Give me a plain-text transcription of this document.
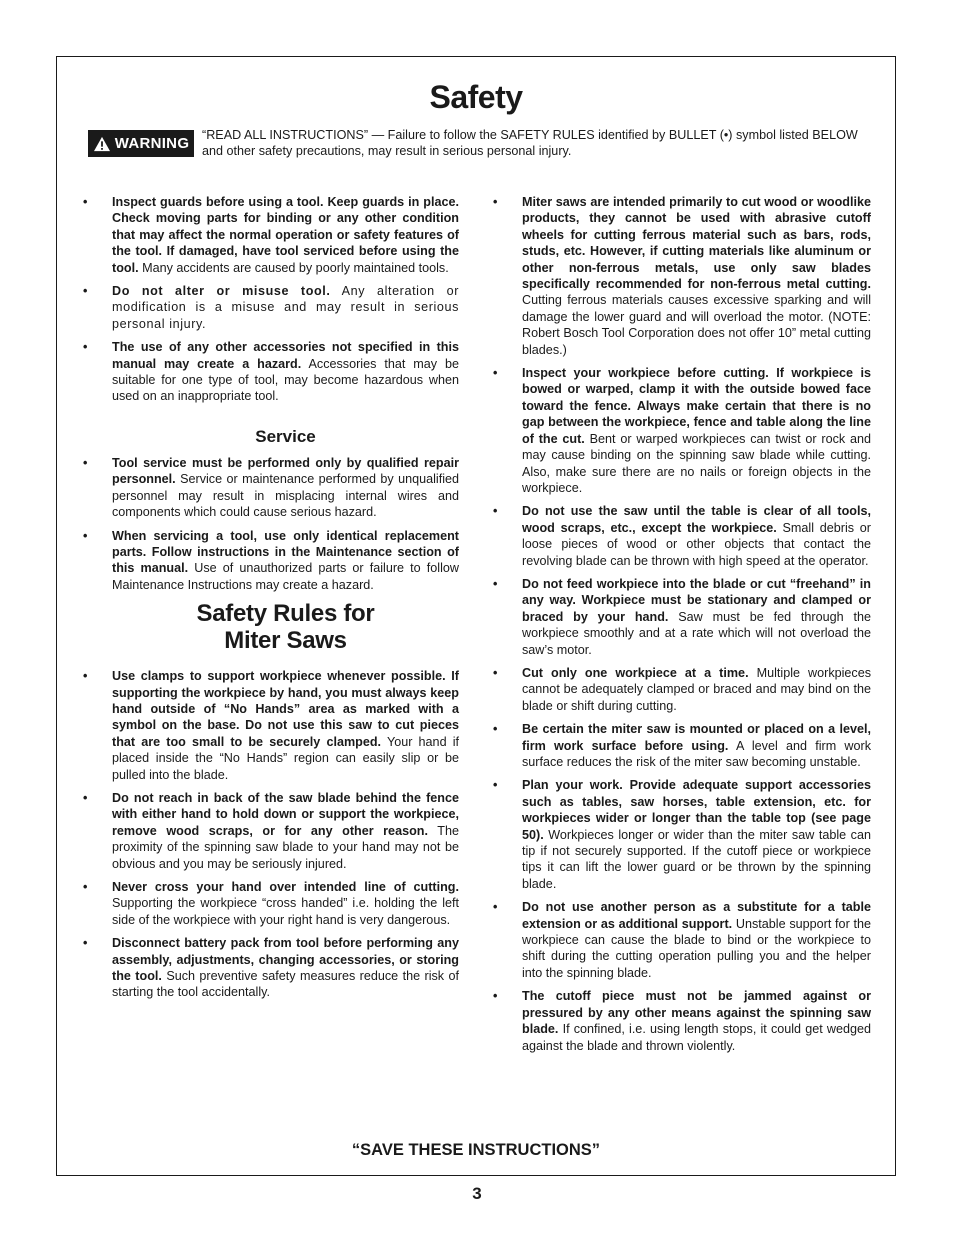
Safety
WARNING “READ ALL INSTRUCTIONS” — Failure to follow the SAFETY RULES identified by BULLET (•) symbol listed BELOW and other safety precautions, may result in serious personal injury.

• Inspect guards before using a tool. Keep guards in place. Check moving parts for binding or any other condition that may affect the normal operation or safety features of the tool. If damaged, have tool serviced before using the tool. Many accidents are caused by poorly maintained tools.

• Do not alter or misuse tool. Any alteration or modification is a misuse and may result in serious personal injury.

• The use of any other accessories not specified in this manual may create a hazard. Accessories that may be suitable for one type of tool, may become hazardous when used on an inappropriate tool.

Service

• Tool service must be performed only by qualified repair personnel. Service or maintenance performed by unqualified personnel may result in misplacing internal wires and components which could cause serious hazard.

• When servicing a tool, use only identical replacement parts. Follow instructions in the Maintenance section of this manual. Use of unauthorized parts or failure to follow Maintenance Instructions may create a hazard.

Safety Rules for
Miter Saws

• Use clamps to support workpiece whenever possible. If supporting the workpiece by hand, you must always keep hand outside of “No Hands” area as marked with a symbol on the base. Do not use this saw to cut pieces that are too small to be securely clamped. Your hand if placed inside the “No Hands” region can easily slip or be pulled into the blade.

• Do not reach in back of the saw blade behind the fence with either hand to hold down or support the workpiece, remove wood scraps, or for any other reason. The proximity of the spinning saw blade to your hand may not be obvious and you may be seriously injured.

• Never cross your hand over intended line of cutting. Supporting the workpiece “cross handed” i.e. holding the left side of the workpiece with your right hand is very dangerous.

• Disconnect battery pack from tool before performing any assembly, adjustments, changing accessories, or storing the tool. Such preventive safety measures reduce the risk of starting the tool accidentally.

• Miter saws are intended primarily to cut wood or woodlike products, they cannot be used with abrasive cutoff wheels for cutting ferrous material such as bars, rods, studs, etc. However, if cutting materials like aluminum or other non-ferrous metals, use only saw blades specifically recommended for non-ferrous metal cutting. Cutting ferrous materials causes excessive sparking and will damage the lower guard and will overload the motor. (NOTE: Robert Bosch Tool Corporation does not offer 10” metal cutting blades.)

• Inspect your workpiece before cutting. If workpiece is bowed or warped, clamp it with the outside bowed face toward the fence. Always make certain that there is no gap between the workpiece, fence and table along the line of the cut. Bent or warped workpieces can twist or rock and may cause binding on the spinning saw blade while cutting. Also, make sure there are no nails or foreign objects in the workpiece.

• Do not use the saw until the table is clear of all tools, wood scraps, etc., except the workpiece. Small debris or loose pieces of wood or other objects that contact the revolving blade can be thrown with high speed at the operator.

• Do not feed workpiece into the blade or cut “freehand” in any way. Workpiece must be stationary and clamped or braced by your hand. Saw must be fed through the workpiece smoothly and at a rate which will not overload the saw’s motor.

• Cut only one workpiece at a time. Multiple workpieces cannot be adequately clamped or braced and may bind on the blade or shift during cutting.

• Be certain the miter saw is mounted or placed on a level, firm work surface before using. A level and firm work surface reduces the risk of the miter saw becoming unstable.

• Plan your work. Provide adequate support accessories such as tables, saw horses, table extension, etc. for workpieces wider or longer than the table top (see page 50). Workpieces longer or wider than the miter saw table can tip if not securely supported. If the cutoff piece or workpiece tips it can lift the lower guard or be thrown by the spinning blade.

• Do not use another person as a substitute for a table extension or as additional support. Unstable support for the workpiece can cause the blade to bind or the workpiece to shift during the cutting operation pulling you and the helper into the spinning blade.

• The cutoff piece must not be jammed against or pressured by any other means against the spinning saw blade. If confined, i.e. using length stops, it could get wedged against the blade and thrown violently.

“SAVE THESE INSTRUCTIONS”
3
